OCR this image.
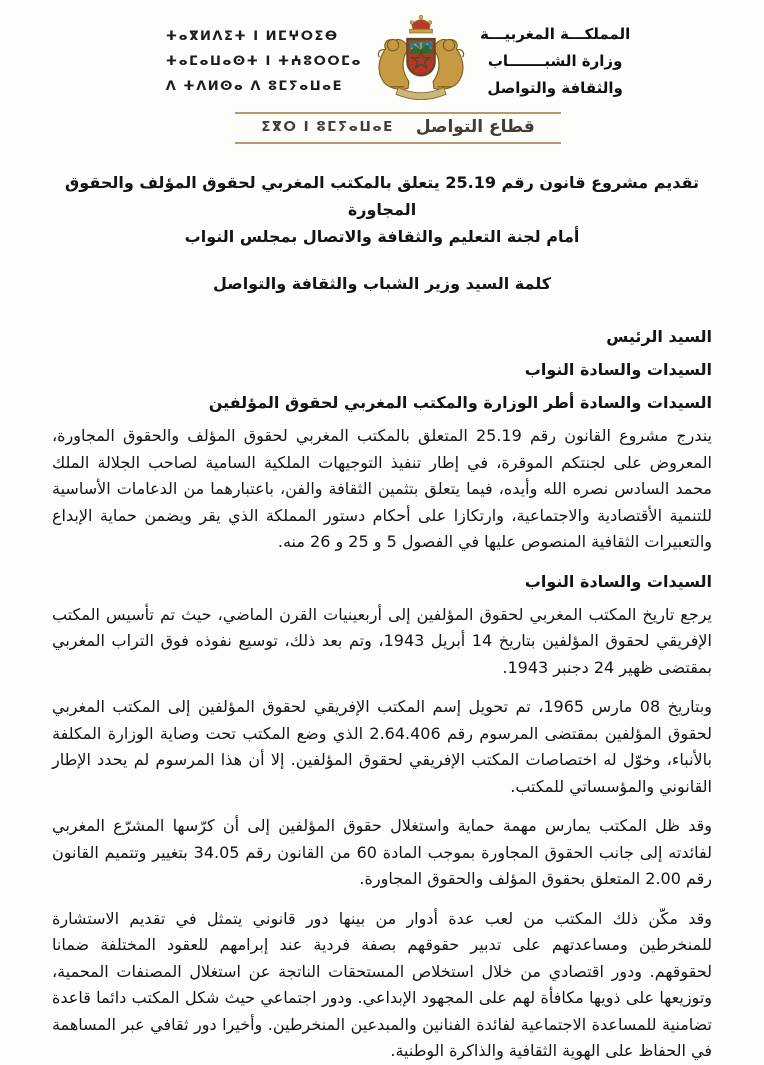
ⵜⴰⴳⵍⴷⵉⵜ ⵏ ⵍⵎⵖⵔⵉⴱ
ⵜⴰⵎⴰⵡⴰⵙⵜ ⵏ ⵜⵄⵓⵔⵔⵎⴰ
ⴷ ⵜⴷⵍⵙⴰ ⴷ ⵓⵎⵢⴰⵡⴰⴹ
المملكـــة المغربيـــة
وزارة الشبـــــــاب
والثقافة والتواصل
قطاع التواصل
ⵉⴳⵔ ⵏ ⵓⵎⵢⴰⵡⴰⴹ
تقديم مشروع قانون رقم 25.19 يتعلق بالمكتب المغربي لحقوق المؤلف والحقوق المجاورة
أمام لجنة التعليم والثقافة والاتصال بمجلس النواب
كلمة السيد وزير الشباب والثقافة والتواصل

السيد الرئيس

السيدات والسادة النواب

السيدات والسادة أطر الوزارة والمكتب المغربي لحقوق المؤلفين

يندرج مشروع القانون رقم 25.19 المتعلق بالمكتب المغربي لحقوق المؤلف والحقوق المجاورة، المعروض على لجنتكم الموقرة، في إطار تنفيذ التوجيهات الملكية السامية لصاحب الجلالة الملك محمد السادس نصره الله وأيده، فيما يتعلق بتثمين الثقافة والفن، باعتبارهما من الدعامات الأساسية للتنمية الأقتصادية والاجتماعية، وارتكازا على أحكام دستور المملكة الذي يقر ويضمن حماية الإبداع والتعبيرات الثقافية المنصوص عليها في الفصول 5 و 25 و 26 منه.

السيدات والسادة النواب

يرجع تاريخ المكتب المغربي لحقوق المؤلفين إلى أربعينيات القرن الماضي، حيث تم تأسيس المكتب الإفريقي لحقوق المؤلفين بتاريخ 14 أبريل 1943، وتم بعد ذلك، توسيع نفوذه فوق التراب المغربي بمقتضى ظهير 24 دجنبر 1943.

وبتاريخ 08 مارس 1965، تم تحويل إسم المكتب الإفريقي لحقوق المؤلفين إلى المكتب المغربي لحقوق المؤلفين بمقتضى المرسوم رقم 2.64.406 الذي وضع المكتب تحت وصاية الوزارة المكلفة بالأنباء، وخوّل له اختصاصات المكتب الإفريقي لحقوق المؤلفين. إلا أن هذا المرسوم لم يحدد الإطار القانوني والمؤسساتي للمكتب.

وقد ظل المكتب يمارس مهمة حماية واستغلال حقوق المؤلفين إلى أن كرّسها المشرّع المغربي لفائدته إلى جانب الحقوق المجاورة بموجب المادة 60 من القانون رقم 34.05 بتغيير وتتميم القانون رقم 2.00 المتعلق بحقوق المؤلف والحقوق المجاورة.

وقد مكّن ذلك المكتب من لعب عدة أدوار من بينها دور قانوني يتمثل في تقديم الاستشارة للمنخرطين ومساعدتهم على تدبير حقوقهم بصفة فردية عند إبرامهم للعقود المختلفة ضمانا لحقوقهم. ودور اقتصادي من خلال استخلاص المستحقات الناتجة عن استغلال المصنفات المحمية، وتوزيعها على ذويها مكافأة لهم على المجهود الإبداعي. ودور اجتماعي حيث شكل المكتب دائما قاعدة تضامنية للمساعدة الاجتماعية لفائدة الفنانين والمبدعين المنخرطين. وأخيرا دور ثقافي عبر المساهمة في الحفاظ على الهوية الثقافية والذاكرة الوطنية.
